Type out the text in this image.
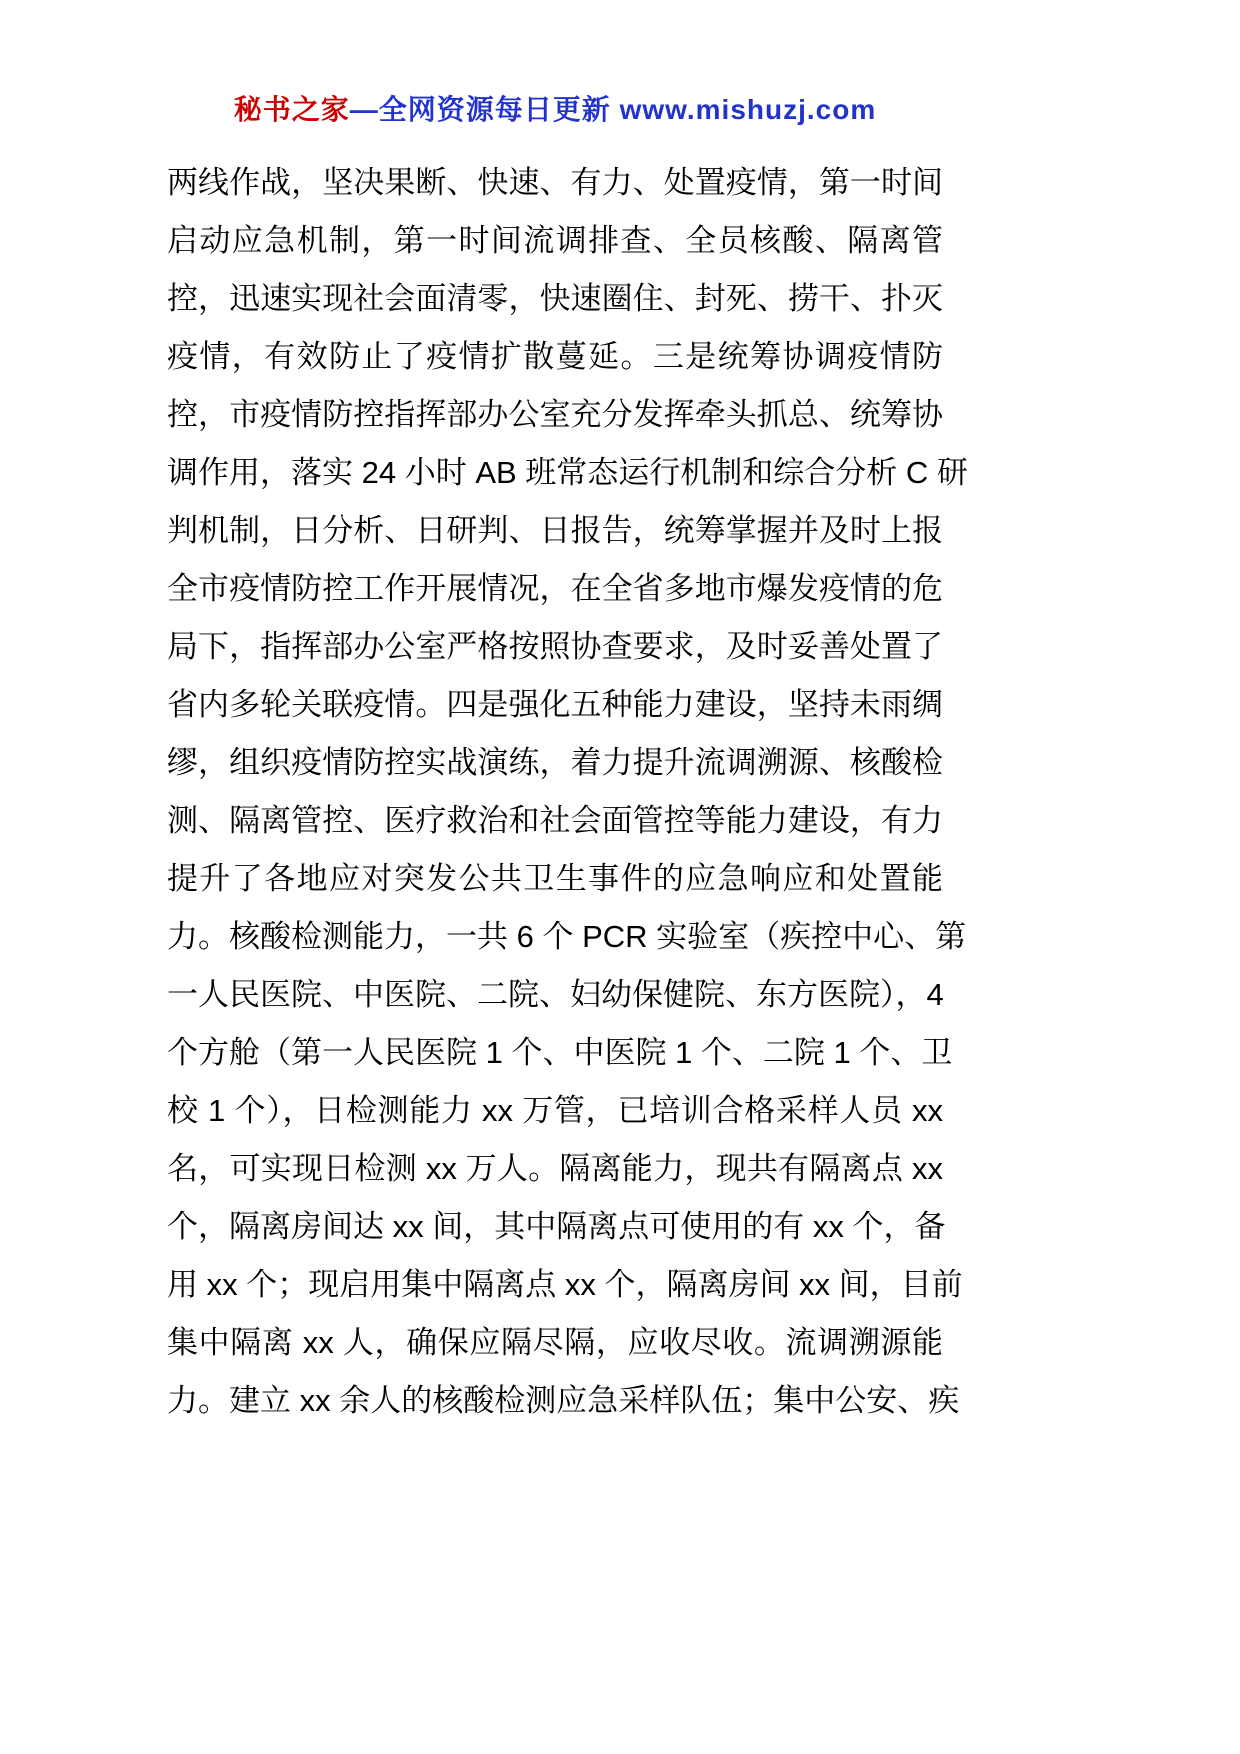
秘书之家—全网资源每日更新 www.mishuzj.com
两线作战，坚决果断、快速、有力、处置疫情，第一时间
启动应急机制，第一时间流调排查、全员核酸、隔离管
控，迅速实现社会面清零，快速圈住、封死、捞干、扑灭
疫情，有效防止了疫情扩散蔓延。三是统筹协调疫情防
控，市疫情防控指挥部办公室充分发挥牵头抓总、统筹协
调作用，落实 24 小时 AB 班常态运行机制和综合分析 C 研
判机制，日分析、日研判、日报告，统筹掌握并及时上报
全市疫情防控工作开展情况，在全省多地市爆发疫情的危
局下，指挥部办公室严格按照协查要求，及时妥善处置了
省内多轮关联疫情。四是强化五种能力建设，坚持未雨绸
缪，组织疫情防控实战演练，着力提升流调溯源、核酸检
测、隔离管控、医疗救治和社会面管控等能力建设，有力
提升了各地应对突发公共卫生事件的应急响应和处置能
力。核酸检测能力，一共 6 个 PCR 实验室（疾控中心、第
一人民医院、中医院、二院、妇幼保健院、东方医院），4
个方舱（第一人民医院 1 个、中医院 1 个、二院 1 个、卫
校 1 个），日检测能力 xx 万管，已培训合格采样人员 xx
名，可实现日检测 xx 万人。隔离能力，现共有隔离点 xx
个，隔离房间达 xx 间，其中隔离点可使用的有 xx 个，备
用 xx 个；现启用集中隔离点 xx 个，隔离房间 xx 间，目前
集中隔离 xx 人，确保应隔尽隔，应收尽收。流调溯源能
力。建立 xx 余人的核酸检测应急采样队伍；集中公安、疾
